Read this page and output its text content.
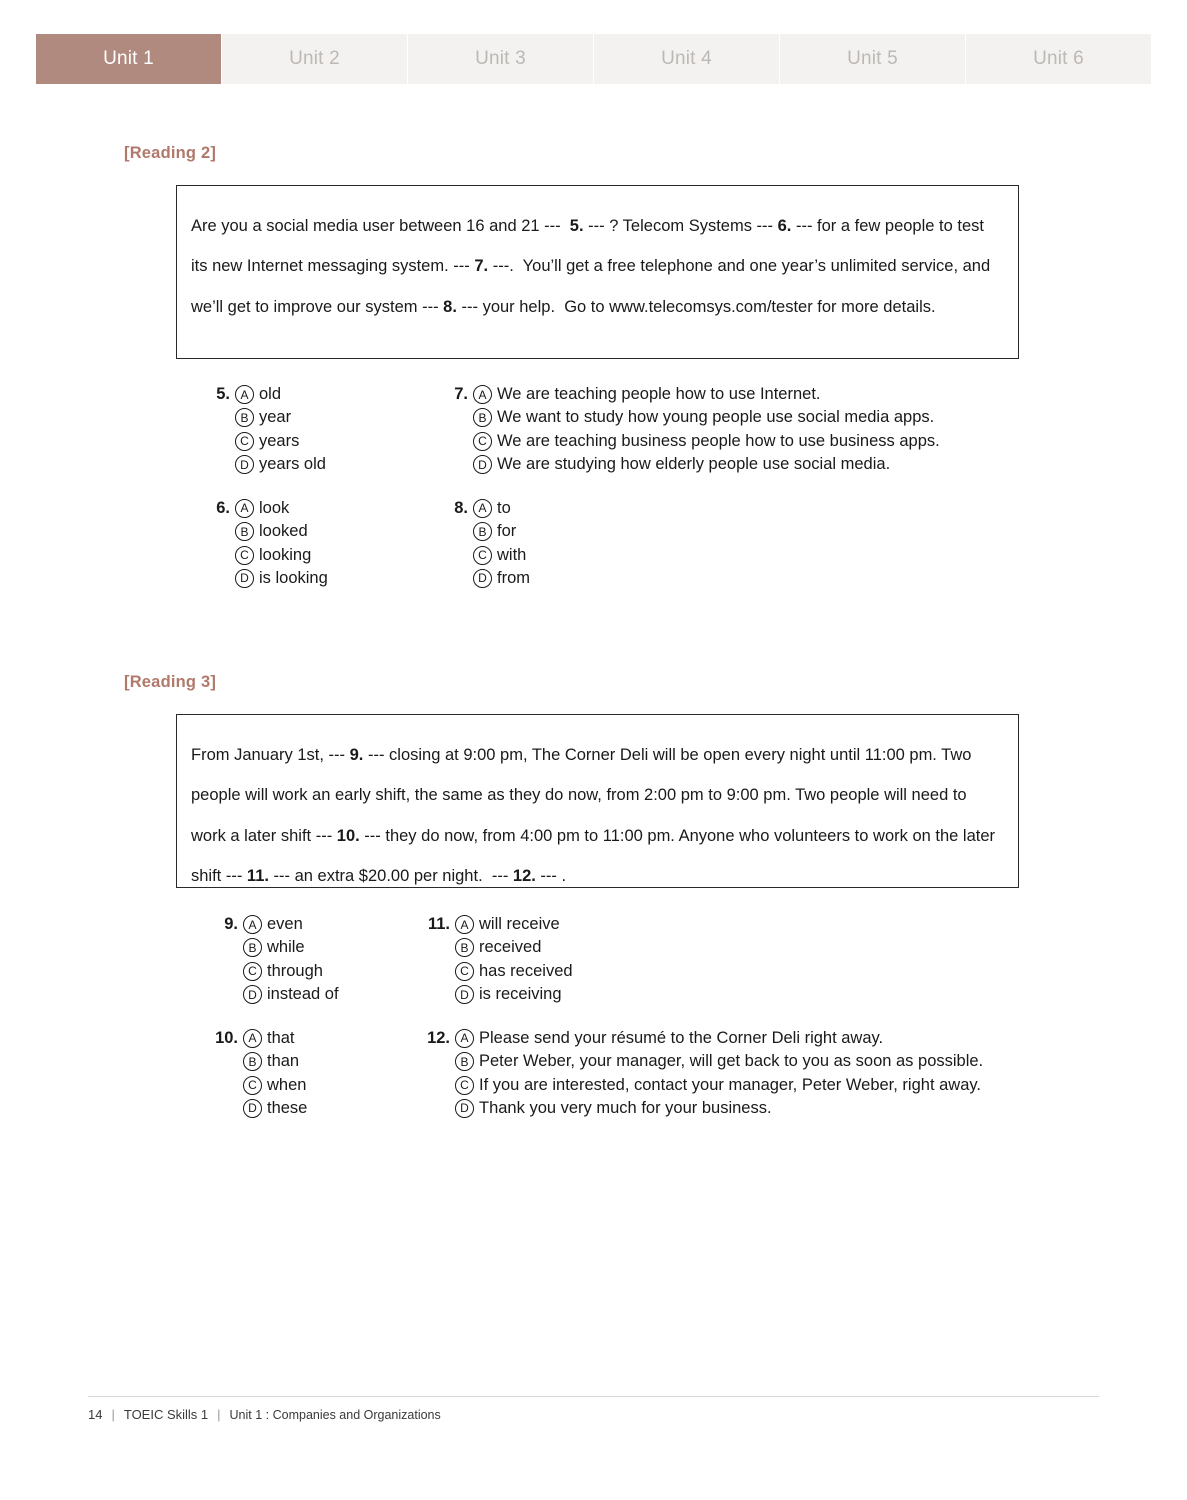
Unit 1	Unit 2	Unit 3	Unit 4	Unit 5	Unit 6
[Reading 2]
Are you a social media user between 16 and 21 ---  5. --- ? Telecom Systems --- 6. --- for a few people to test its new Internet messaging system. --- 7. ---.  You’ll get a free telephone and one year’s unlimited service, and we’ll get to improve our system --- 8. --- your help.  Go to www.telecomsys.com/tester for more details.
5. A old
B year
C years
D years old
6. A look
B looked
C looking
D is looking
7. A We are teaching people how to use Internet.
B We want to study how young people use social media apps.
C We are teaching business people how to use business apps.
D We are studying how elderly people use social media.
8. A to
B for
C with
D from
[Reading 3]
From January 1st, --- 9. --- closing at 9:00 pm, The Corner Deli will be open every night until 11:00 pm. Two people will work an early shift, the same as they do now, from 2:00 pm to 9:00 pm. Two people will need to work a later shift --- 10. --- they do now, from 4:00 pm to 11:00 pm. Anyone who volunteers to work on the later shift --- 11. --- an extra $20.00 per night.  --- 12. --- .
9. A even
B while
C through
D instead of
10. A that
B than
C when
D these
11. A will receive
B received
C has received
D is receiving
12. A Please send your résumé to the Corner Deli right away.
B Peter Weber, your manager, will get back to you as soon as possible.
C If you are interested, contact your manager, Peter Weber, right away.
D Thank you very much for your business.
14 | TOEIC Skills 1 | Unit 1 : Companies and Organizations
